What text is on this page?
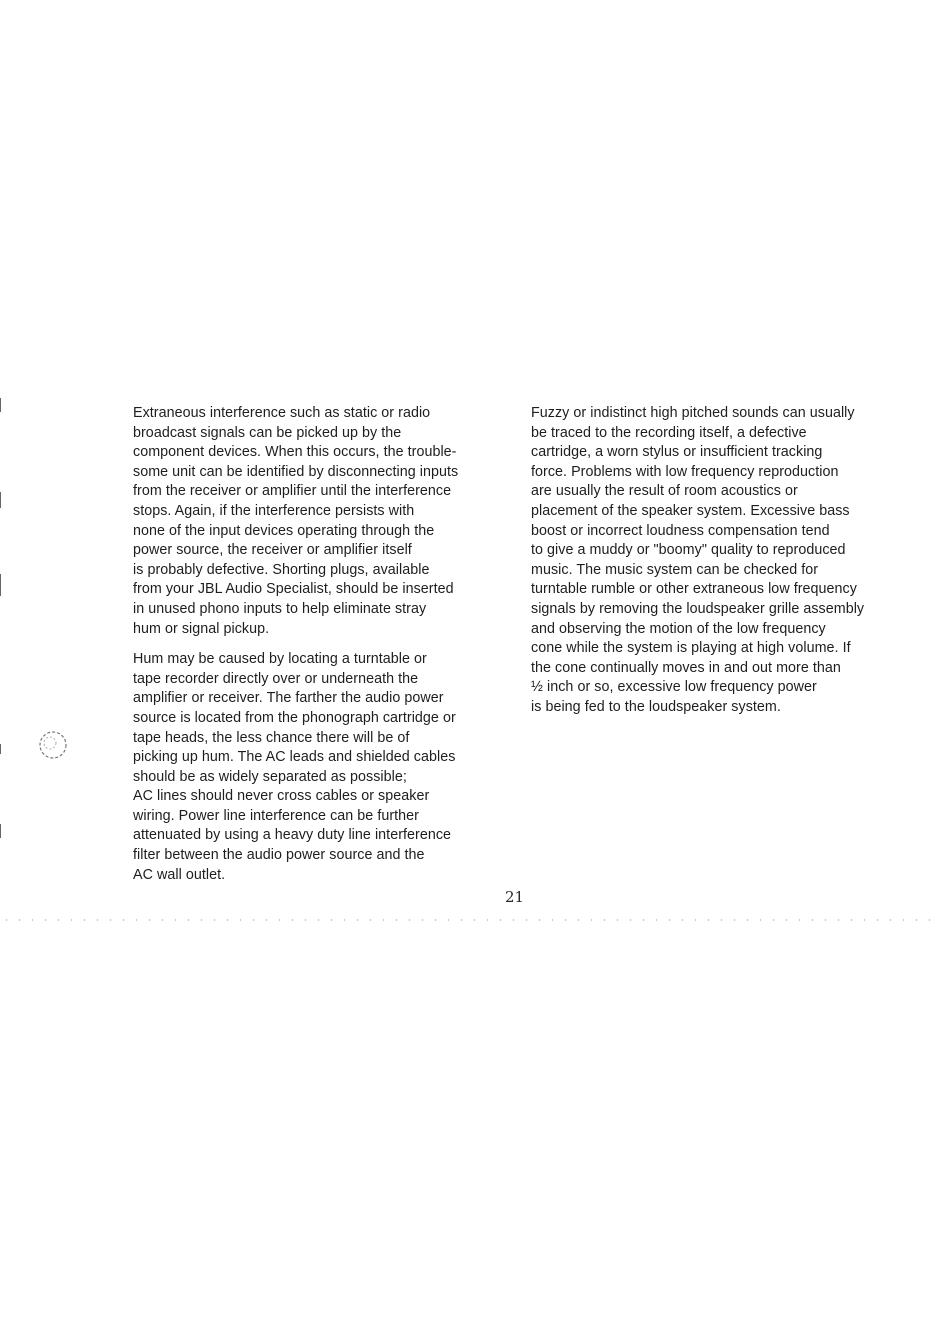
Extraneous interference such as static or radio
broadcast signals can be picked up by the
component devices. When this occurs, the trouble-
some unit can be identified by disconnecting inputs
from the receiver or amplifier until the interference
stops. Again, if the interference persists with
none of the input devices operating through the
power source, the receiver or amplifier itself
is probably defective. Shorting plugs, available
from your JBL Audio Specialist, should be inserted
in unused phono inputs to help eliminate stray
hum or signal pickup.
Hum may be caused by locating a turntable or
tape recorder directly over or underneath the
amplifier or receiver. The farther the audio power
source is located from the phonograph cartridge or
tape heads, the less chance there will be of
picking up hum. The AC leads and shielded cables
should be as widely separated as possible;
AC lines should never cross cables or speaker
wiring. Power line interference can be further
attenuated by using a heavy duty line interference
filter between the audio power source and the
AC wall outlet.
Fuzzy or indistinct high pitched sounds can usually
be traced to the recording itself, a defective
cartridge, a worn stylus or insufficient tracking
force. Problems with low frequency reproduction
are usually the result of room acoustics or
placement of the speaker system. Excessive bass
boost or incorrect loudness compensation tend
to give a muddy or "boomy" quality to reproduced
music. The music system can be checked for
turntable rumble or other extraneous low frequency
signals by removing the loudspeaker grille assembly
and observing the motion of the low frequency
cone while the system is playing at high volume. If
the cone continually moves in and out more than
½ inch or so, excessive low frequency power
is being fed to the loudspeaker system.
21
